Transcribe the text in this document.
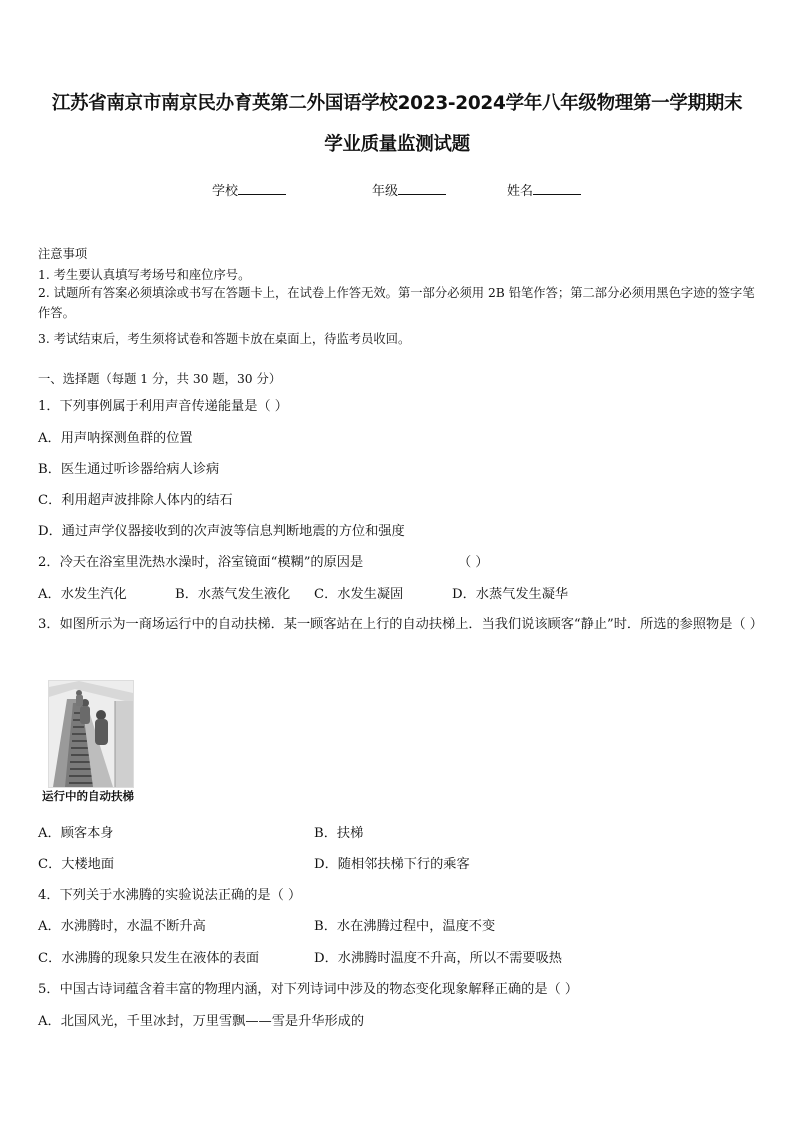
江苏省南京市南京民办育英第二外国语学校2023-2024学年八年级物理第一学期期末
学业质量监测试题
学校	年级	姓名
注意事项
1. 考生要认真填写考场号和座位序号。
2. 试题所有答案必须填涂或书写在答题卡上，在试卷上作答无效。第一部分必须用 2B 铅笔作答；第二部分必须用黑色字迹的签字笔作答。
3. 考试结束后，考生须将试卷和答题卡放在桌面上，待监考员收回。
一、选择题（每题 1 分，共 30 题，30 分）
1．下列事例属于利用声音传递能量是（ ）
A．用声呐探测鱼群的位置
B．医生通过听诊器给病人诊病
C．利用超声波排除人体内的结石
D．通过声学仪器接收到的次声波等信息判断地震的方位和强度
2．冷天在浴室里洗热水澡时，浴室镜面“模糊”的原因是	（ ）
A．水发生汽化	B．水蒸气发生液化 C．水发生凝固	D．水蒸气发生凝华
3．如图所示为一商场运行中的自动扶梯．某一顾客站在上行的自动扶梯上．当我们说该顾客“静止”时．所选的参照物是（ ）
运行中的自动扶梯
A．顾客本身	B．扶梯
C．大楼地面	D．随相邻扶梯下行的乘客
4．下列关于水沸腾的实验说法正确的是（ ）
A．水沸腾时，水温不断升高	B．水在沸腾过程中，温度不变
C．水沸腾的现象只发生在液体的表面	D．水沸腾时温度不升高，所以不需要吸热
5．中国古诗词蕴含着丰富的物理内涵，对下列诗词中涉及的物态变化现象解释正确的是（ ）
A．北国风光，千里冰封，万里雪飘——雪是升华形成的
